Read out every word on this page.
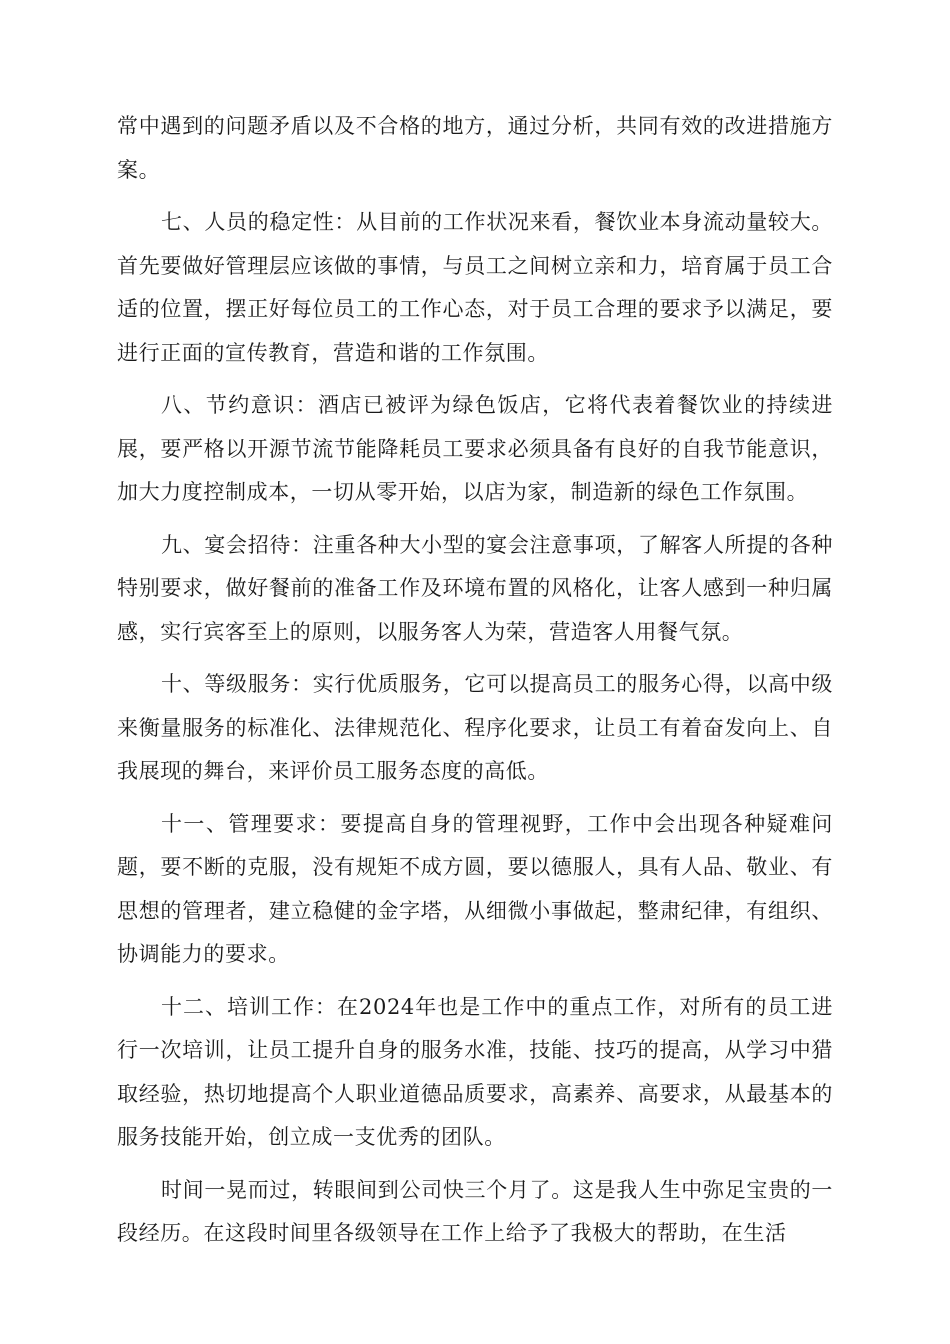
常中遇到的问题矛盾以及不合格的地方，通过分析，共同有效的改进措施方案。

七、人员的稳定性：从目前的工作状况来看，餐饮业本身流动量较大。首先要做好管理层应该做的事情，与员工之间树立亲和力，培育属于员工合适的位置，摆正好每位员工的工作心态，对于员工合理的要求予以满足，要进行正面的宣传教育，营造和谐的工作氛围。

八、节约意识：酒店已被评为绿色饭店，它将代表着餐饮业的持续进展，要严格以开源节流节能降耗员工要求必须具备有良好的自我节能意识，加大力度控制成本，一切从零开始，以店为家，制造新的绿色工作氛围。

九、宴会招待：注重各种大小型的宴会注意事项，了解客人所提的各种特别要求，做好餐前的准备工作及环境布置的风格化，让客人感到一种归属感，实行宾客至上的原则，以服务客人为荣，营造客人用餐气氛。

十、等级服务：实行优质服务，它可以提高员工的服务心得，以高中级来衡量服务的标准化、法律规范化、程序化要求，让员工有着奋发向上、自我展现的舞台，来评价员工服务态度的高低。

十一、管理要求：要提高自身的管理视野，工作中会出现各种疑难问题，要不断的克服，没有规矩不成方圆，要以德服人，具有人品、敬业、有思想的管理者，建立稳健的金字塔，从细微小事做起，整肃纪律，有组织、协调能力的要求。

十二、培训工作：在2024年也是工作中的重点工作，对所有的员工进行一次培训，让员工提升自身的服务水准，技能、技巧的提高，从学习中猎取经验，热切地提高个人职业道德品质要求，高素养、高要求，从最基本的服务技能开始，创立成一支优秀的团队。

时间一晃而过，转眼间到公司快三个月了。这是我人生中弥足宝贵的一段经历。在这段时间里各级领导在工作上给予了我极大的帮助，在生活
